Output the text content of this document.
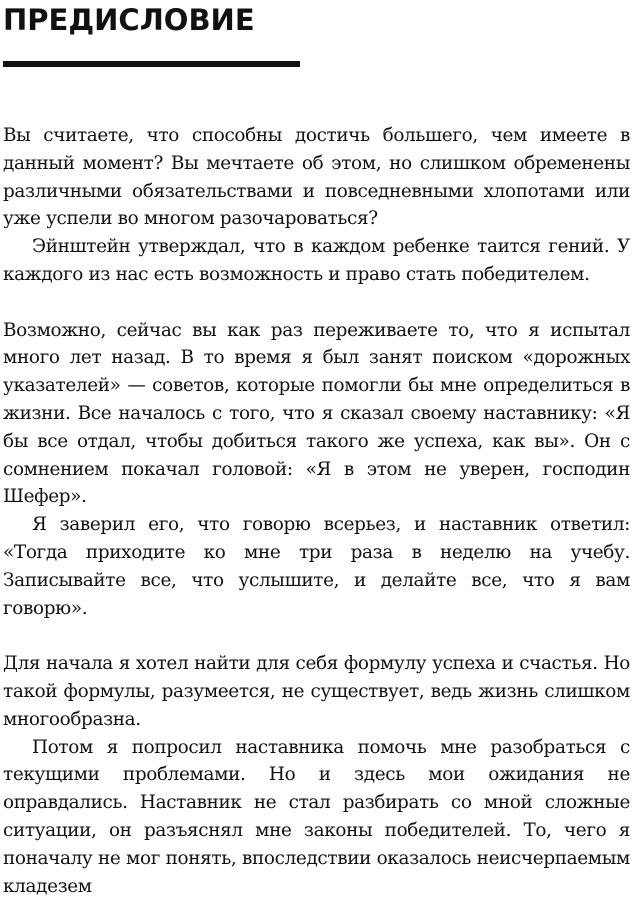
ПРЕДИСЛОВИЕ

Вы считаете, что способны достичь большего, чем имеете в данный момент? Вы мечтаете об этом, но слишком обременены различными обязательствами и повседневными хлопотами или уже успели во многом разочароваться?

Эйнштейн утверждал, что в каждом ребенке таится гений. У каждого из нас есть возможность и право стать победителем.

Возможно, сейчас вы как раз переживаете то, что я испытал много лет назад. В то время я был занят поиском «дорожных указателей» — советов, которые помогли бы мне определиться в жизни. Все началось с того, что я сказал своему наставнику: «Я бы все отдал, чтобы добиться такого же успеха, как вы». Он с сомнением покачал головой: «Я в этом не уверен, господин Шефер».

Я заверил его, что говорю всерьез, и наставник ответил: «Тогда приходите ко мне три раза в неделю на учебу. Записывайте все, что услышите, и делайте все, что я вам говорю».

Для начала я хотел найти для себя формулу успеха и счастья. Но такой формулы, разумеется, не существует, ведь жизнь слишком многообразна.

Потом я попросил наставника помочь мне разобраться с текущими проблемами. Но и здесь мои ожидания не оправдались. Наставник не стал разбирать со мной сложные ситуации, он разъяснял мне законы победителей. То, чего я поначалу не мог понять, впоследствии оказалось неисчерпаемым кладезем
